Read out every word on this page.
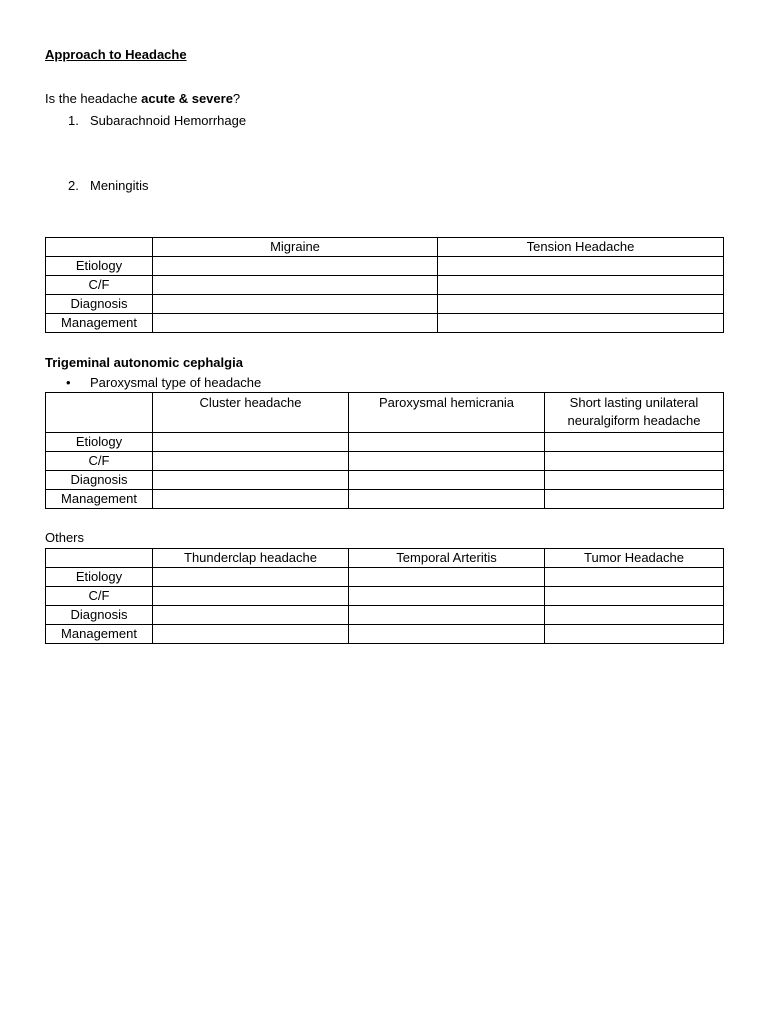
Approach to Headache
Is the headache acute & severe?
1. Subarachnoid Hemorrhage
2. Meningitis
	Migraine	Tension Headache
Etiology		
C/F		
Diagnosis		
Management		
Trigeminal autonomic cephalgia
• Paroxysmal type of headache
	Cluster headache	Paroxysmal hemicrania	Short lasting unilateral neuralgiform headache
Etiology			
C/F			
Diagnosis			
Management			
Others
	Thunderclap headache	Temporal Arteritis	Tumor Headache
Etiology			
C/F			
Diagnosis			
Management			
